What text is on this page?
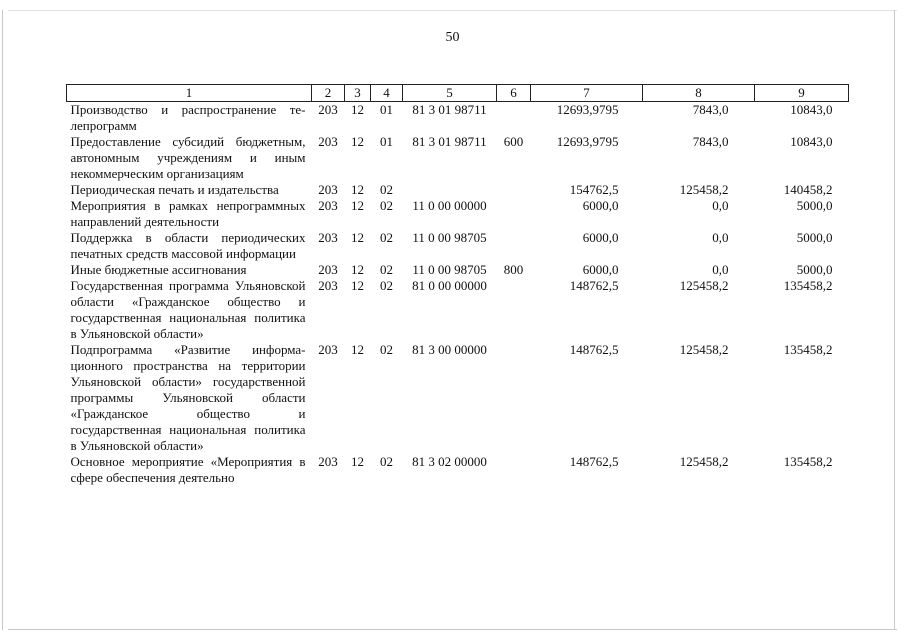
50
1	2	3	4	5	6	7	8	9
Производство и распространение телепрограмм	203	12	01	81 3 01 98711		12693,9795	7843,0	10843,0
Предоставление субсидий бюджетным, автономным учреждениям и иным некоммерческим организациям	203	12	01	81 3 01 98711	600	12693,9795	7843,0	10843,0
Периодическая печать и издательства	203	12	02			154762,5	125458,2	140458,2
Мероприятия в рамках непрограммных направлений деятельности	203	12	02	11 0 00 00000		6000,0	0,0	5000,0
Поддержка в области периодических печатных средств массовой информации	203	12	02	11 0 00 98705		6000,0	0,0	5000,0
Иные бюджетные ассигнования	203	12	02	11 0 00 98705	800	6000,0	0,0	5000,0
Государственная программа Ульяновской области «Гражданское общество и государственная национальная политика в Ульяновской области»	203	12	02	81 0 00 00000		148762,5	125458,2	135458,2
Подпрограмма «Развитие информационного пространства на территории Ульяновской области» государственной программы Ульяновской области «Гражданское общество и государственная национальная политика в Ульяновской области»	203	12	02	81 3 00 00000		148762,5	125458,2	135458,2
Основное мероприятие «Мероприятия в сфере обеспечения деятельно	203	12	02	81 3 02 00000		148762,5	125458,2	135458,2
